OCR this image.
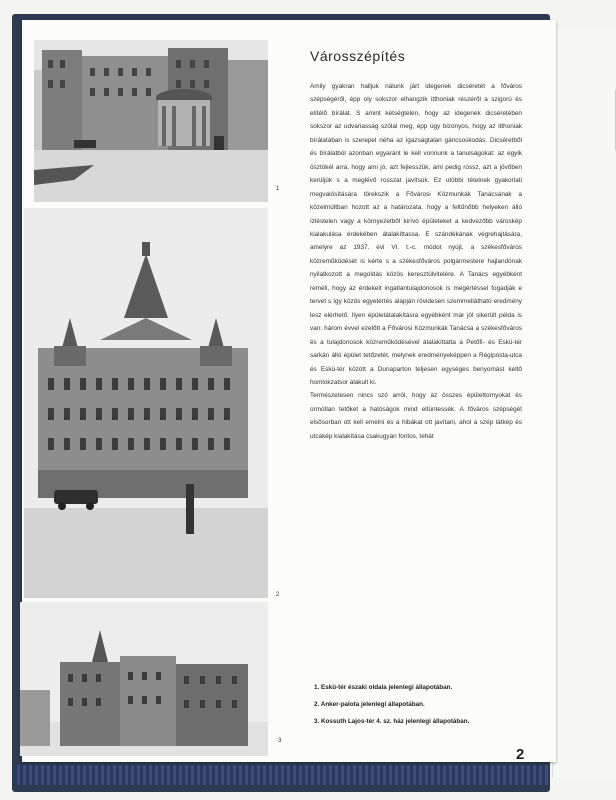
1
2
3
Városszépítés

Amily gyakran halljuk nálunk járt idegenek dicséretét a főváros szépségéről, épp oly sokszor elhangzik itthoniak részéről a szigorú és elítélő bírálat. S amint kétségtelen, hogy az idegenek dicséretében sokszor az udvariasság szólal meg, épp úgy bizonyos, hogy az itthoniak bírálatában is szerepel néha az igazságtalan gáncsoskodás. Dicséretből és bírálatból azonban egyaránt le kell vonnunk a tanulságokat: az egyik ösztökél arra, hogy ami jó, azt fejlesszük, ami pedig rossz, azt a jövőben kerüljük s a meglévő rosszat javítsuk. Ez utóbbi tételnek gyakorlati megvalósítására törekszik a Fővárosi Közmunkák Tanácsának a közelmúltban hozott az a határozata, hogy a feltűnőbb helyeken álló ízléstelen vagy a környezetből kirívó épületeket a kedvezőbb városkép kialakulása érdekében átalakíttassa. E szándékának végrehajtására, amelyre az 1937. évi VI. t.-c. módot nyújt, a székesfőváros közreműködését is kérte s a székesfőváros polgármestere hajlandónak nyilatkozott a megoldás közös keresztülvitelére. A Tanács egyébként reméli, hogy az érdekelt ingatlantulajdonosok is megértéssel fogadják e tervet s így közös egyetértés alapján rövidesen szemmellátható eredmény lesz elérhető. Ilyen épületátalakításra egyébként már jól sikerült példa is van: három évvel ezelőtt a Fővárosi Közmunkák Tanácsa a székesfőváros és a tulajdonosok közreműködésével átalakíttatta a Petőfi- és Eskü-tér sarkán álló épület tetőzetét, melynek eredményeképpen a Régiposta-utca és Eskü-tér között a Dunaparton teljesen egységes benyomást keltő homlokzatsor alakult ki.

Természetesen nincs szó arról, hogy az összes épülettornyokat és ormótlan tetőket a hatóságok mind eltüntessék. A főváros szépségét elsősorban ott kell emelni és a hibákat ott javítani, ahol a szép látkép és utcakép kialakítása csakugyan fontos, tehát

1. Eskü-tér északi oldala jelenlegi állapotában.
2. Anker-palota jelenlegi állapotában.
3. Kossuth Lajos-tér 4. sz. ház jelenlegi állapotában.
2
